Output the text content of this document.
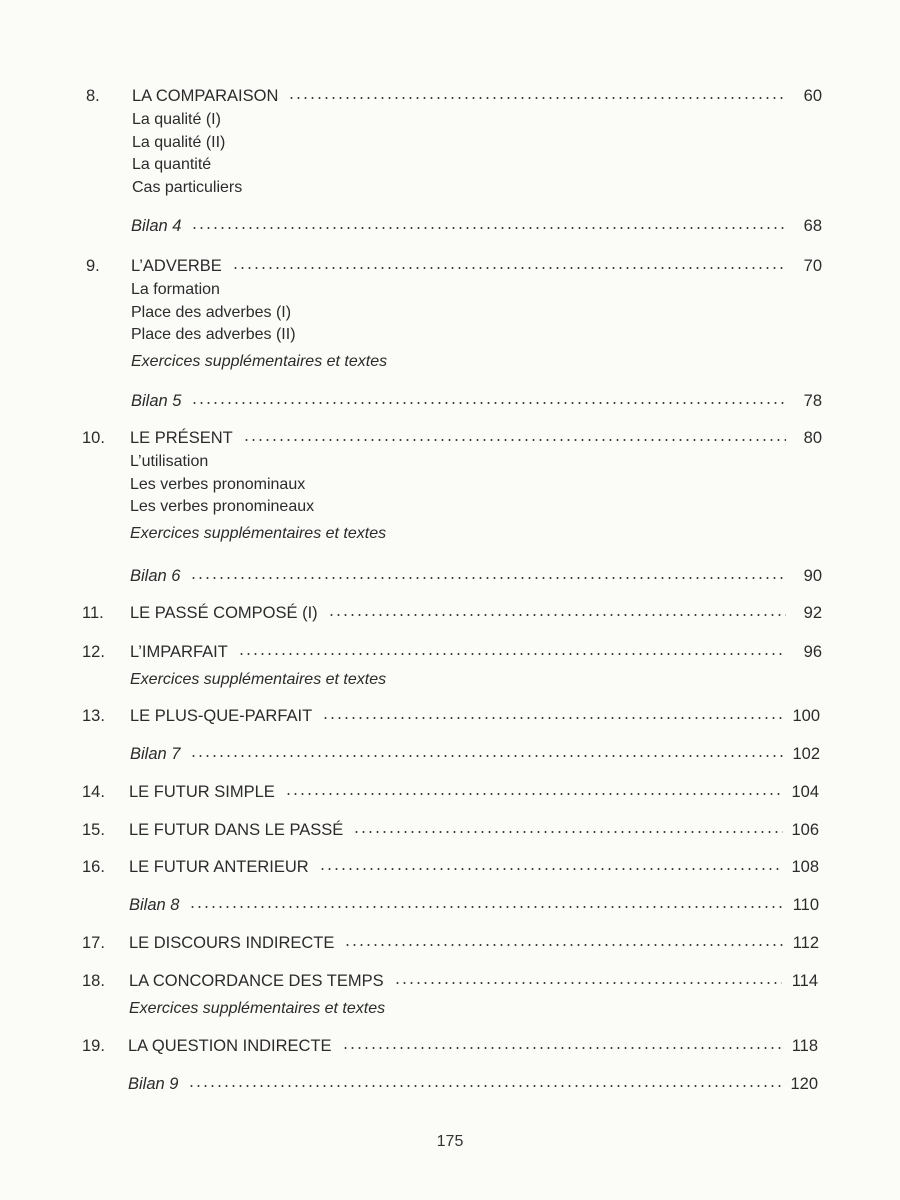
8.	LA COMPARAISON	60
La qualité (I)
La qualité (II)
La quantité
Cas particuliers
Bilan 4	68
9.	L’ADVERBE	70
La formation
Place des adverbes (I)
Place des adverbes (II)
Exercices supplémentaires et textes
Bilan 5	78
10.	LE PRÉSENT	80
L’utilisation
Les verbes pronominaux
Les verbes pronomineaux
Exercices supplémentaires et textes
Bilan 6	90
11.	LE PASSÉ COMPOSÉ (I)	92
12.	L’IMPARFAIT	96
Exercices supplémentaires et textes
13.	LE PLUS-QUE-PARFAIT	100
Bilan 7	102
14.	LE FUTUR SIMPLE	104
15.	LE FUTUR DANS LE PASSÉ	106
16.	LE FUTUR ANTERIEUR	108
Bilan 8	110
17.	LE DISCOURS INDIRECTE	112
18.	LA CONCORDANCE DES TEMPS	114
Exercices supplémentaires et textes
19.	LA QUESTION INDIRECTE	118
Bilan 9	120
175
